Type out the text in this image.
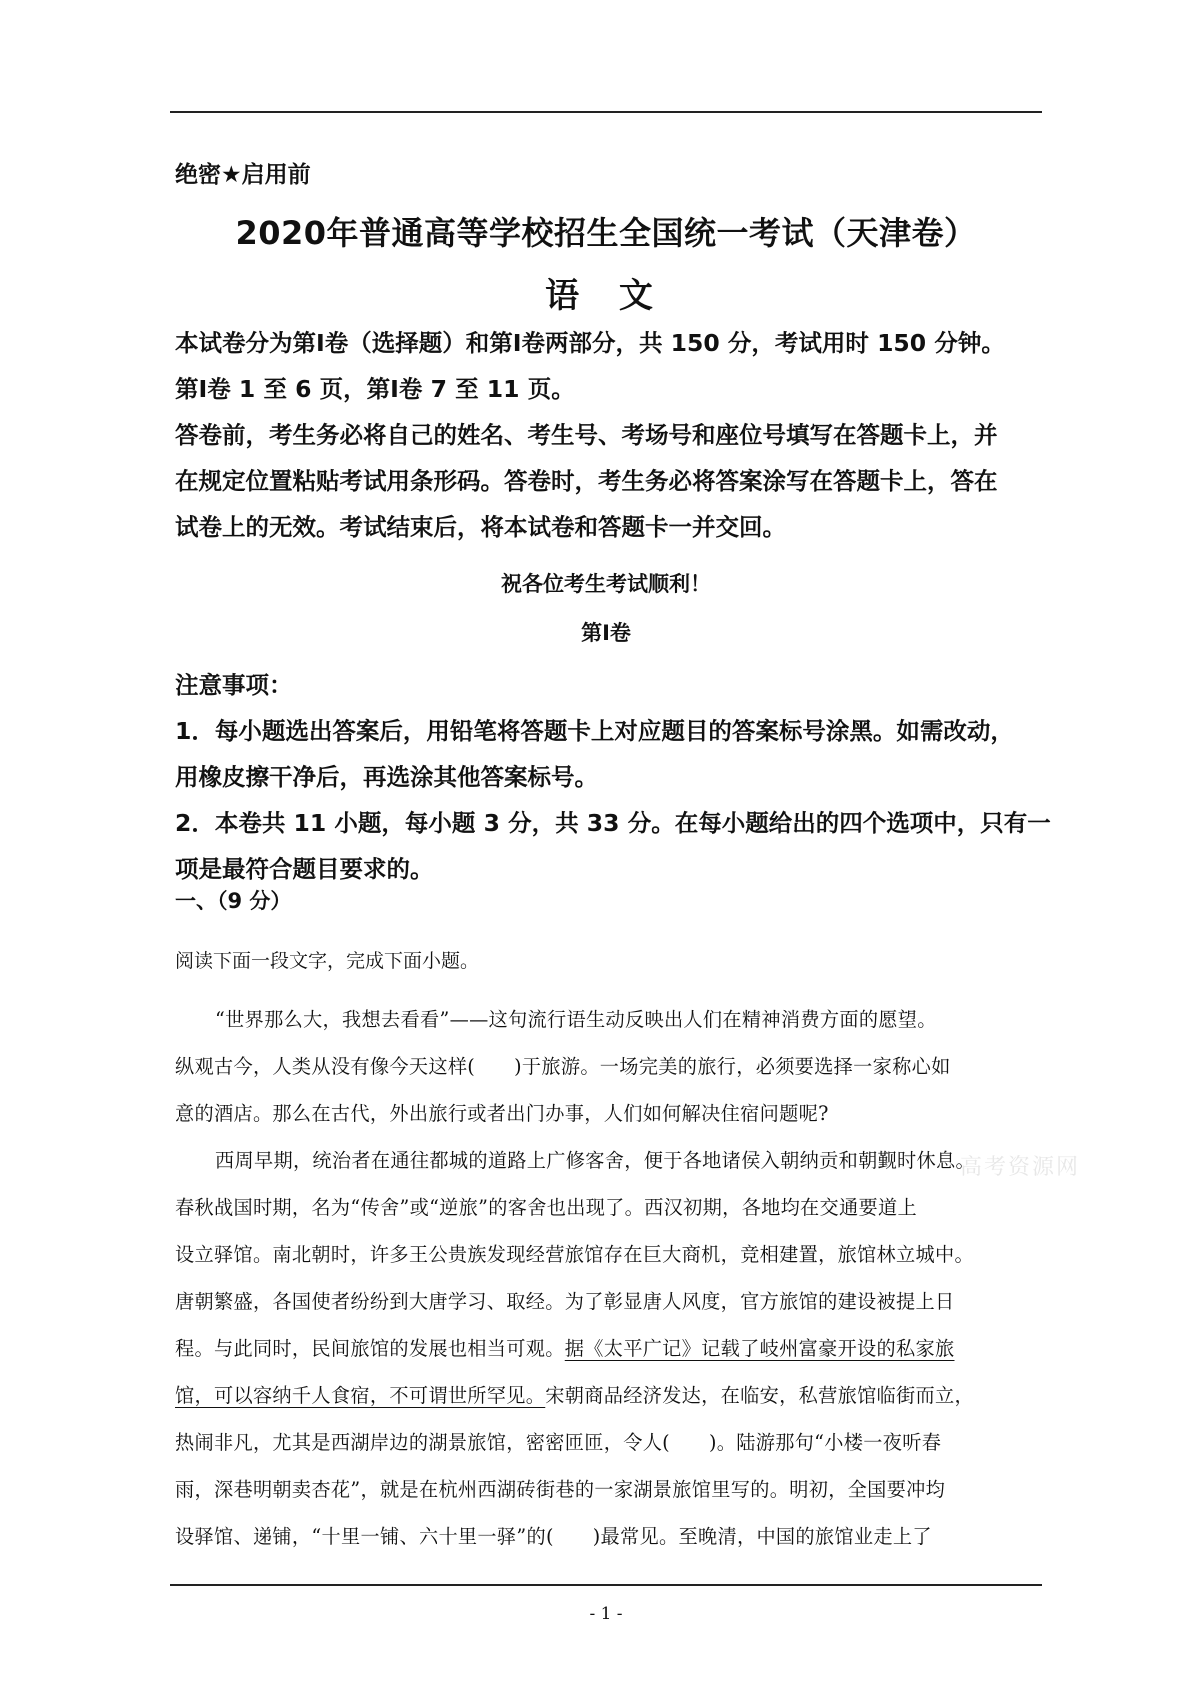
绝密★启用前
2020年普通高等学校招生全国统一考试（天津卷）
语 文
本试卷分为第Ⅰ卷（选择题）和第Ⅰ卷两部分，共 150 分，考试用时 150 分钟。
第Ⅰ卷 1 至 6 页，第Ⅰ卷 7 至 11 页。
答卷前，考生务必将自己的姓名、考生号、考场号和座位号填写在答题卡上，并
在规定位置粘贴考试用条形码。答卷时，考生务必将答案涂写在答题卡上，答在
试卷上的无效。考试结束后，将本试卷和答题卡一并交回。
祝各位考生考试顺利！
第Ⅰ卷
注意事项：
1．每小题选出答案后，用铅笔将答题卡上对应题目的答案标号涂黑。如需改动，
用橡皮擦干净后，再选涂其他答案标号。
2．本卷共 11 小题，每小题 3 分，共 33 分。在每小题给出的四个选项中，只有一
项是最符合题目要求的。
一、（9 分）
阅读下面一段文字，完成下面小题。
“世界那么大，我想去看看”——这句流行语生动反映出人们在精神消费方面的愿望。
纵观古今，人类从没有像今天这样(　　)于旅游。一场完美的旅行，必须要选择一家称心如
意的酒店。那么在古代，外出旅行或者出门办事，人们如何解决住宿问题呢?
西周早期，统治者在通往都城的道路上广修客舍，便于各地诸侯入朝纳贡和朝觐时休息。
春秋战国时期，名为“传舍”或“逆旅”的客舍也出现了。西汉初期，各地均在交通要道上
设立驿馆。南北朝时，许多王公贵族发现经营旅馆存在巨大商机，竞相建置，旅馆林立城中。
唐朝繁盛，各国使者纷纷到大唐学习、取经。为了彰显唐人风度，官方旅馆的建设被提上日
程。与此同时，民间旅馆的发展也相当可观。据《太平广记》记载了岐州富豪开设的私家旅
馆，可以容纳千人食宿，不可谓世所罕见。宋朝商品经济发达，在临安，私营旅馆临街而立，
热闹非凡，尤其是西湖岸边的湖景旅馆，密密匝匝，令人(　　)。陆游那句“小楼一夜听春
雨，深巷明朝卖杏花”，就是在杭州西湖砖街巷的一家湖景旅馆里写的。明初，全国要冲均
设驿馆、递铺，“十里一铺、六十里一驿”的(　　)最常见。至晚清，中国的旅馆业走上了
高考资源网
- 1 -
